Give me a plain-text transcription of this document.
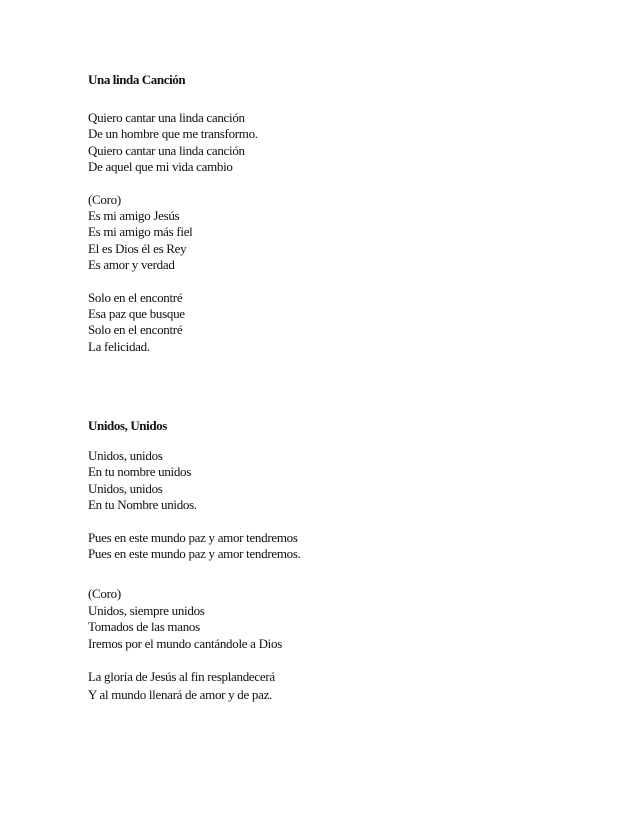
Una linda Canción
Quiero cantar una linda canción
De un hombre que me transformo.
Quiero cantar una linda canción
De aquel que mi vida cambio
(Coro)
Es mi amigo Jesús
Es mi amigo más fiel
El es Dios él es Rey
Es amor y verdad
Solo en el encontré
Esa paz que busque
Solo en el encontré
La felicidad.
Unidos, Unidos
Unidos, unidos
En tu nombre unidos
Unidos, unidos
En tu Nombre unidos.
Pues en este mundo paz y amor tendremos
Pues en este mundo paz y amor tendremos.
(Coro)
Unidos, siempre unidos
Tomados de las manos
Iremos por el mundo cantándole a Dios
La gloria de Jesús al fin resplandecerá
Y al mundo llenará de amor y de paz.
